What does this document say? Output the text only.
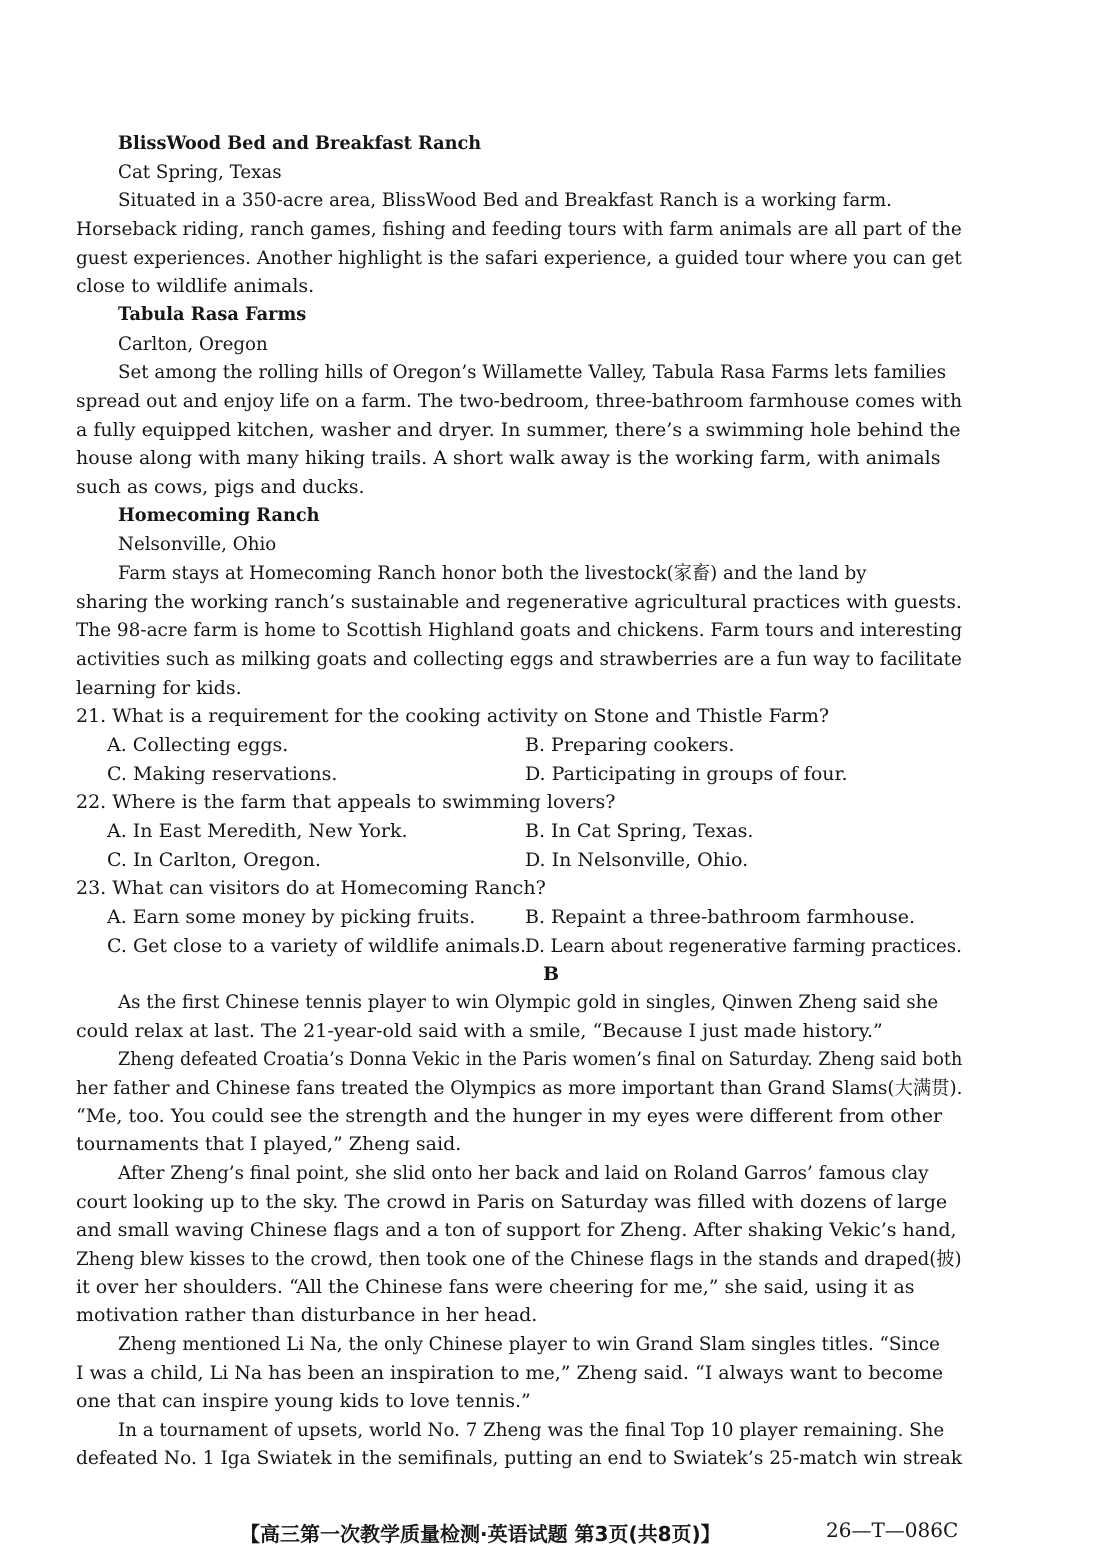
BlissWood Bed and Breakfast Ranch
Cat Spring, Texas
Situated in a 350-acre area, BlissWood Bed and Breakfast Ranch is a working farm.
Horseback riding, ranch games, fishing and feeding tours with farm animals are all part of the
guest experiences. Another highlight is the safari experience, a guided tour where you can get
close to wildlife animals.
Tabula Rasa Farms
Carlton, Oregon
Set among the rolling hills of Oregon’s Willamette Valley, Tabula Rasa Farms lets families
spread out and enjoy life on a farm. The two-bedroom, three-bathroom farmhouse comes with
a fully equipped kitchen, washer and dryer. In summer, there’s a swimming hole behind the
house along with many hiking trails. A short walk away is the working farm, with animals
such as cows, pigs and ducks.
Homecoming Ranch
Nelsonville, Ohio
Farm stays at Homecoming Ranch honor both the livestock(家畜) and the land by
sharing the working ranch’s sustainable and regenerative agricultural practices with guests.
The 98-acre farm is home to Scottish Highland goats and chickens. Farm tours and interesting
activities such as milking goats and collecting eggs and strawberries are a fun way to facilitate
learning for kids.
21. What is a requirement for the cooking activity on Stone and Thistle Farm?
A. Collecting eggs.	B. Preparing cookers.
C. Making reservations.	D. Participating in groups of four.
22. Where is the farm that appeals to swimming lovers?
A. In East Meredith, New York.	B. In Cat Spring, Texas.
C. In Carlton, Oregon.	D. In Nelsonville, Ohio.
23. What can visitors do at Homecoming Ranch?
A. Earn some money by picking fruits.	B. Repaint a three-bathroom farmhouse.
C. Get close to a variety of wildlife animals. D. Learn about regenerative farming practices.
B
As the first Chinese tennis player to win Olympic gold in singles, Qinwen Zheng said she
could relax at last. The 21-year-old said with a smile, “Because I just made history.”
Zheng defeated Croatia’s Donna Vekic in the Paris women’s final on Saturday. Zheng said both
her father and Chinese fans treated the Olympics as more important than Grand Slams(大满贯).
“Me, too. You could see the strength and the hunger in my eyes were different from other
tournaments that I played,” Zheng said.
After Zheng’s final point, she slid onto her back and laid on Roland Garros’ famous clay
court looking up to the sky. The crowd in Paris on Saturday was filled with dozens of large
and small waving Chinese flags and a ton of support for Zheng. After shaking Vekic’s hand,
Zheng blew kisses to the crowd, then took one of the Chinese flags in the stands and draped(披)
it over her shoulders. “All the Chinese fans were cheering for me,” she said, using it as
motivation rather than disturbance in her head.
Zheng mentioned Li Na, the only Chinese player to win Grand Slam singles titles. “Since
I was a child, Li Na has been an inspiration to me,” Zheng said. “I always want to become
one that can inspire young kids to love tennis.”
In a tournament of upsets, world No. 7 Zheng was the final Top 10 player remaining. She
defeated No. 1 Iga Swiatek in the semifinals, putting an end to Swiatek’s 25-match win streak
【高三第一次教学质量检测·英语试题 第3页(共8页)】	26—T—086C
